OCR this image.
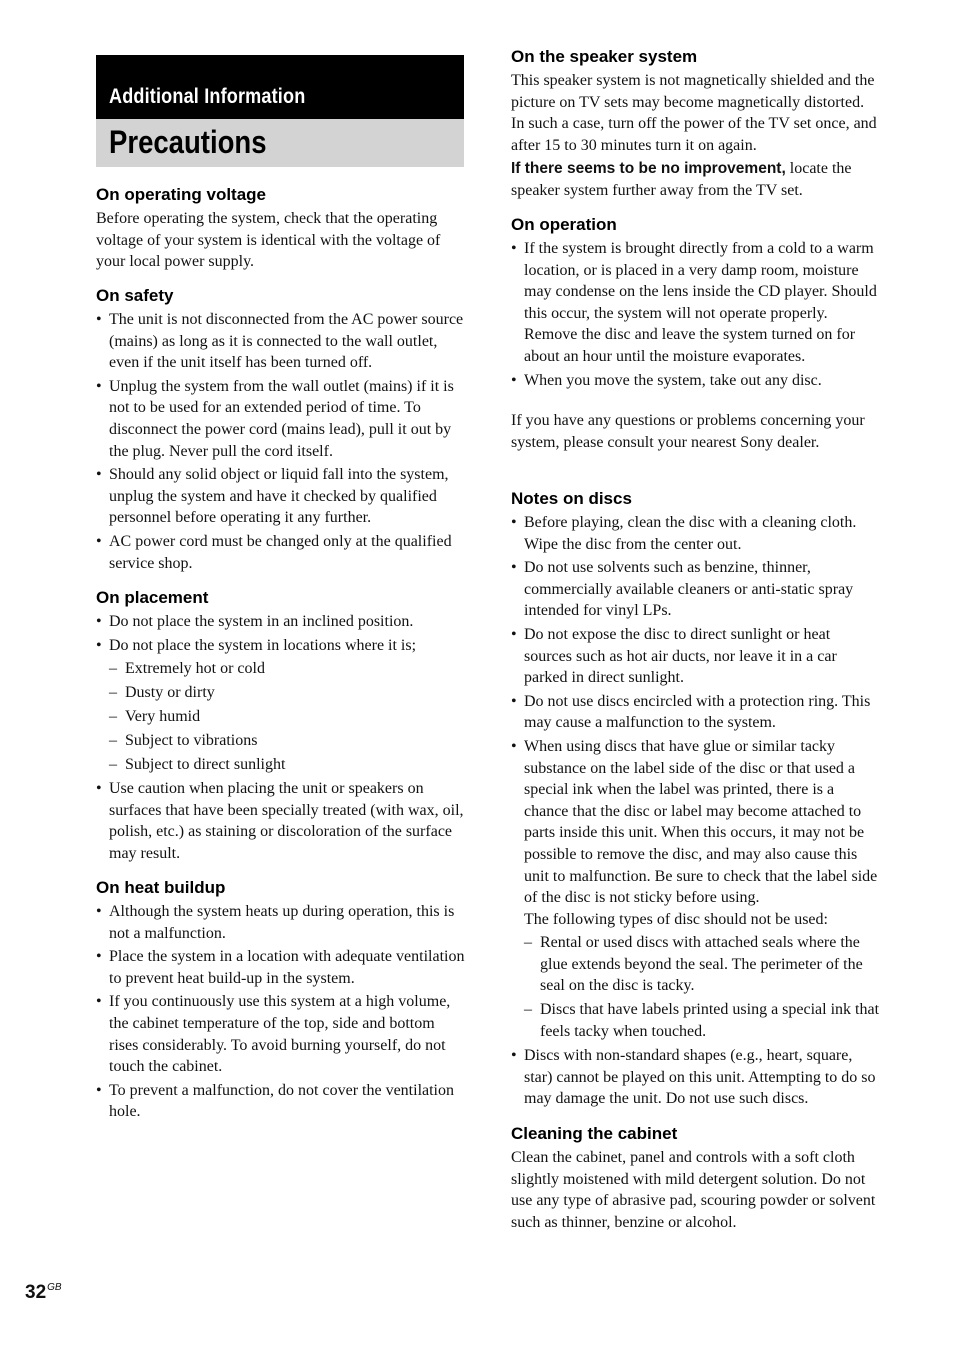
Additional Information
Precautions
On operating voltage

Before operating the system, check that the operating voltage of your system is identical with the voltage of your local power supply.

On safety
• The unit is not disconnected from the AC power source (mains) as long as it is connected to the wall outlet, even if the unit itself has been turned off.
• Unplug the system from the wall outlet (mains) if it is not to be used for an extended period of time. To disconnect the power cord (mains lead), pull it out by the plug. Never pull the cord itself.
• Should any solid object or liquid fall into the system, unplug the system and have it checked by qualified personnel before operating it any further.
• AC power cord must be changed only at the qualified service shop.
On placement
• Do not place the system in an inclined position.
• Do not place the system in locations where it is;
– Extremely hot or cold
– Dusty or dirty
– Very humid
– Subject to vibrations
– Subject to direct sunlight
• Use caution when placing the unit or speakers on surfaces that have been specially treated (with wax, oil, polish, etc.) as staining or discoloration of the surface may result.
On heat buildup
• Although the system heats up during operation, this is not a malfunction.
• Place the system in a location with adequate ventilation to prevent heat build-up in the system.
• If you continuously use this system at a high volume, the cabinet temperature of the top, side and bottom rises considerably. To avoid burning yourself, do not touch the cabinet.
• To prevent a malfunction, do not cover the ventilation hole.
On the speaker system

This speaker system is not magnetically shielded and the picture on TV sets may become magnetically distorted. In such a case, turn off the power of the TV set once, and after 15 to 30 minutes turn it on again.

If there seems to be no improvement, locate the speaker system further away from the TV set.

On operation
• If the system is brought directly from a cold to a warm location, or is placed in a very damp room, moisture may condense on the lens inside the CD player. Should this occur, the system will not operate properly. Remove the disc and leave the system turned on for about an hour until the moisture evaporates.
• When you move the system, take out any disc.

If you have any questions or problems concerning your system, please consult your nearest Sony dealer.

Notes on discs
• Before playing, clean the disc with a cleaning cloth. Wipe the disc from the center out.
• Do not use solvents such as benzine, thinner, commercially available cleaners or anti-static spray intended for vinyl LPs.
• Do not expose the disc to direct sunlight or heat sources such as hot air ducts, nor leave it in a car parked in direct sunlight.
• Do not use discs encircled with a protection ring. This may cause a malfunction to the system.
• When using discs that have glue or similar tacky substance on the label side of the disc or that used a special ink when the label was printed, there is a chance that the disc or label may become attached to parts inside this unit. When this occurs, it may not be possible to remove the disc, and may also cause this unit to malfunction. Be sure to check that the label side of the disc is not sticky before using.
The following types of disc should not be used:
– Rental or used discs with attached seals where the glue extends beyond the seal. The perimeter of the seal on the disc is tacky.
– Discs that have labels printed using a special ink that feels tacky when touched.
• Discs with non-standard shapes (e.g., heart, square, star) cannot be played on this unit. Attempting to do so may damage the unit. Do not use such discs.
Cleaning the cabinet

Clean the cabinet, panel and controls with a soft cloth slightly moistened with mild detergent solution. Do not use any type of abrasive pad, scouring powder or solvent such as thinner, benzine or alcohol.

$32^{GB}$
